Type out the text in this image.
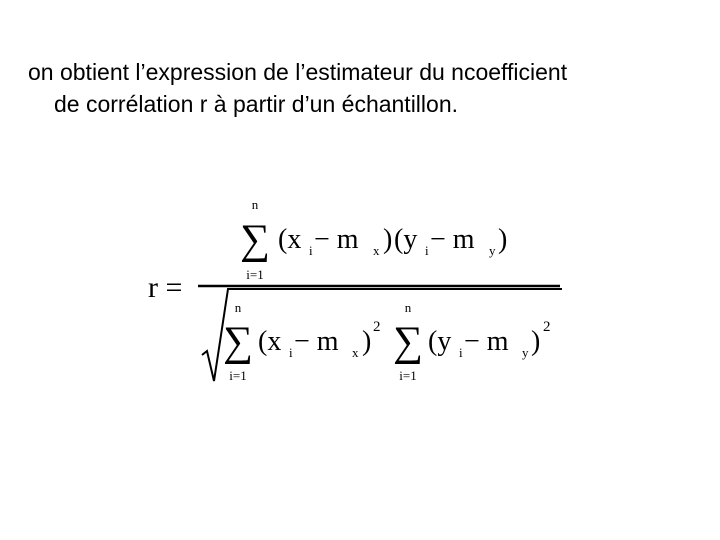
on obtient l’expression de l’estimateur du ncoefficient
de corrélation r à partir d’un échantillon.
r =
n
∑
i=1
(x i − m x ) (y i − m y )
n
∑
i=1
(x i − m x ) 2
n
∑
i=1
(y i − m y ) 2
